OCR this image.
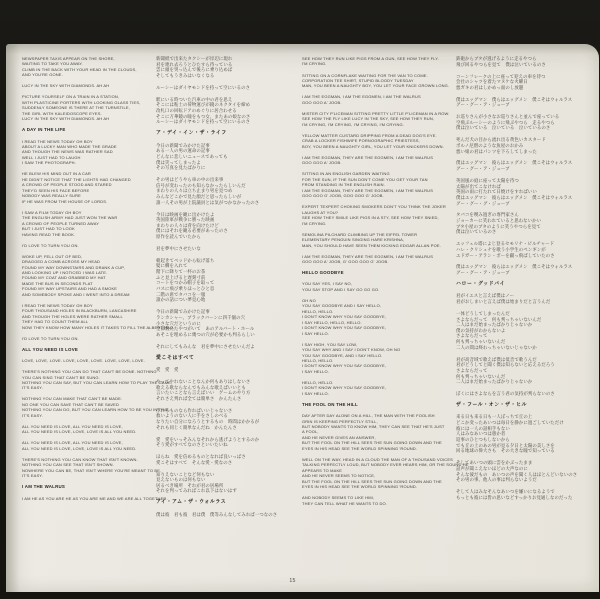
NEWSPAPER TAXIS APPEAR ON THE SHORE,
WAITING TO TAKE YOU AWAY.
CLIMB IN THE BACK WITH YOUR HEAD IN THE CLOUDS,
AND YOU'RE GONE.
LUCY IN THE SKY WITH DIAMONDS. AH AH
PICTURE YOURSELF ON A TRAIN IN A STATION,
WITH PLASTICINE PORTERS WITH LOOKING GLASS TIES,
SUDDENLY SOMEONE IS THERE AT THE TURNSTILE,
THE GIRL WITH KALEIDOSCOPE EYES.
LUCY IN THE SKY WITH DIAMONDS. AH AH
A DAY IN THE LIFE
I READ THE NEWS TODAY OH BOY
ABOUT A LUCKY MAN WHO MADE THE GRADE
AND THOUGH THE NEWS WAS RATHER SAD
WELL I JUST HAD TO LAUGH
I SAW THE PHOTOGRAPH.
HE BLEW HIS MIND OUT IN A CAR
HE DIDN'T NOTICE THAT THE LIGHTS HAD CHANGED
A CROWD OF PEOPLE STOOD AND STARED
THEY'D SEEN HIS FACE BEFORE
NOBODY WAS REALLY SURE
IF HE WAS FROM THE HOUSE OF LORDS.
I SAW A FILM TODAY OH BOY
THE ENGLISH ARMY HAD JUST WON THE WAR
A CROWD OF PEOPLE TURNED AWAY
BUT I JUST HAD TO LOOK
HAVING READ THE BOOK.
I'D LOVE TO TURN YOU ON.
WOKE UP, FELL OUT OF BED,
DRAGGED A COMB ACROSS MY HEAD
FOUND MY WAY DOWNSTAIRS AND DRANK A CUP,
AND LOOKING UP I NOTICED I WAS LATE.
FOUND MY COAT AND GRABBED MY HAT
MADE THE BUS IN SECONDS FLAT
FOUND MY WAY UPSTAIRS AND HAD A SMOKE
AND SOMEBODY SPOKE AND I WENT INTO A DREAM
I READ THE NEWS TODAY OH BOY
FOUR THOUSAND HOLES IN BLACKBURN, LANCASHIRE
AND THOUGH THE HOLES WERE RATHER SMALL
THEY HAD TO COUNT THEM ALL
NOW THEY KNOW HOW MANY HOLES IT TAKES TO FILL THE ALBERT HALL.
I'D LOVE TO TURN YOU ON.
ALL YOU NEED IS LOVE
LOVE, LOVE, LOVE. LOVE, LOVE, LOVE. LOVE, LOVE, LOVE.
THERE'S NOTHING YOU CAN DO THAT CAN'T BE DONE. NOTHING
YOU CAN SING THAT CAN'T BE SUNG.
NOTHING YOU CAN SAY, BUT YOU CAN LEARN HOW TO PLAY THE GAME,
IT'S EASY.
NOTHING YOU CAN MAKE THAT CAN'T BE MADE.
NO ONE YOU CAN SAVE THAT CAN'T BE SAVED
NOTHING YOU CAN DO, BUT YOU CAN LEARN HOW TO BE YOU IN TIME,
IT'S EASY.
ALL YOU NEED IS LOVE, ALL YOU NEED IS LOVE,
ALL YOU NEED IS LOVE, LOVE, LOVE IS ALL YOU NEED.
ALL YOU NEED IS LOVE, ALL YOU NEED IS LOVE,
ALL YOU NEED IS LOVE, LOVE, LOVE IS ALL YOU NEED.
THERE'S NOTHING YOU CAN KNOW THAT ISN'T KNOWN.
NOTHING YOU CAN SEE THAT ISN'T SHOWN.
NOWHERE YOU CAN BE, THAT ISN'T WHERE YOU'RE MEANT TO BE.
IT'S EASY.
I AM THE WALRUS
I AM HE AS YOU ARE HE AS YOU ARE ME AND WE ARE ALL TOGETHER.
新聞紙で出来たタクシーが岸辺に現れ
君を連れ去ろうとひたすら待っている
雲に頭を突っ込んで後ろに乗り込めば
そしてもうきみはいなくなる
ルーシーはダイヤモンドを持って空にいるのさ
駅にいる時ついた汽車の中の君を思え
そこには粘土の荷物運びが鏡のネクタイを締め
改札口の回転ドアのめぐりに居合わせる
そこに万華鏡の瞳をもつ女、またあの娘なのさ
ルーシーはダイヤモンドを持って空にいるのさ
ア・デイ・イン・ザ・ライフ
今日の新聞でみかけた記事
ある一人の男の運命の記事
どんなに悲しいニュースであっても
僕は笑ってしまったよ
その写真を見たばかりに
その男はどうやら車の中の出来事
信号が変わったのも知らなかったらしいんだ
まわりの人々は立ち止まり男を見つめ
みんなどこかで見た顔だと思ったらしいが
誰一人その男が上院議員とは気がつかなかったのさ
今日は映画を観に出かけたよ
英国陸軍が戦争に勝った映画
まわりの人々は背を向けたけど
僕にはそれを観る必要があったのさ
原作を読んでいたから
君を夢中にさせたいな
朝起きてベッドから転げ落ち
髪に櫛を入れて
階下に降りて一杯のお茶
ふと見上げると遅刻寸前
コートをつかみ帽子を取って
バスに飛び乗りほっとひと息
二階の席でタバコを一服
誰かの話につい夢見心地
今日の新聞でみかけた記事
ランカシャー、ブラックバーンに四千個の穴
小さな穴だというのに
全部数えたやつがいて　あのアルバート・ホール
あそこを埋めるに幾つの穴が必要かも判るらしい
それにしてもみんな　君を夢中にさせたいんだよ
愛こそはすべて
愛　愛　愛
やってやれないことなんか何もありはしないさ
歌える歌ならなんでもみんな歌えばいいとも
言いたいことなら言えばいい　ゲームのやり方
それさえ判れば全ては簡単さ　かんたんさ
作れるものなら作ればいいじゃないさ
救いようのない人に手をさしのべる
なりたい自分になろうとするもの　時間はかかるが
それも同じく簡単なんだね　かんたんさ
愛　愛をいっそみんなそれから逃げようとするのか
そう愛がすべてなのさといいたいね
ほらね　愛を信めるものとなれば良いっぱさ
愛こそはすべて　そんな愛・愛なのさ
知りえないことなど何もない
見えないものは何もない
居るべき場所　それが君の居場所
それを判ってみればこれ以下はないはず
アイ・アム・ザ・ウォルラス
僕は彼　君も彼　君は僕　僕等みんなしてみれば一つなのさ
SEE HOW THEY RUN LIKE PIGS FROM A GUN, SEE HOW THEY FLY.
I'M CRYING.
SITTING ON A CORNFLAKE WAITING FOR THE VAN TO COME.
CORPORATION TEE SHIRT, STUPID BLOODY TUESDAY
MAN, YOU BEEN A NAUGHTY BOY, YOU LET YOUR FACE GROWN LONG.
I AM THE EGGMAN, I AM THE EGGMEN, I AM THE WALRUS
GOO GOO A' JOOB.
MISTER CITY P'LICEMAN SITTING PRETTY LITTLE P'LICEMAN IN A ROW.
SEE HOW THE FLY LIKE LUCY IN THE SKY, SEE HOW THEY RUN,
I'M CRYING, I'M CRYING, I'M CRYING, I'M CRYING.
YELLOW MATTER CUSTARD DRIPPING FROM A DEAD DOG'S EYE.
CRAB A LOCKER FISHWIFE PORNOGRAPHIC PRIESTESS,
BOY, YOU BEEN A NAUGHTY GIRL, YOU LET YOUR KNICKERS DOWN.
I AM THE EGGMAN, THEY ARE THE EGGMEN, I AM THE WALRUS
GOO GOO A' JOOB.
SITTING IN AN ENGLISH GARDEN WAITING
FOR THE SUN, IF THE SUN DON'T COME YOU GET YOUR TAN
FROM STANDING IN THE ENGLISH RAIN.
I AM THE EGGMAN, THEY ARE THE EGGMEN, I AM THE WALRUS
GOO GOO G' JOOB, GOO GOO G' JOOB.
EXPERT TEXPERT CHOKING SMOKERS DON'T YOU THINK THE JOKER
LAUGHS AT YOU?
SEE HOW THEY SMILE LIKE PIGS IN A STY, SEE HOW THEY SNIED,
I'M CRYING.
SEMOLINA PILCHARD CLIMBING UP THE EIFFEL TOWER
ELEMENTARY PENGUIN SINGING HARE KRISHNA,
MAN, YOU SHOULD HAVE SEEN THEM KICKING EDGAR ALLAN POE.
I AM THE EGGMAN, THEY ARE THE EGGMEN, I AM THE WALRUS
GOO GOO A' JOOB, G' GOO GOO G' JOOB.
HELLO GOODBYE
YOU SAY YES, I SAY NO,
YOU SAY STOP AND I SAY GO GO GO.
OH NO
YOU SAY GOODBYE AND I SAY HELLO,
HELLO, HELLO.
I DON'T KNOW WHY YOU SAY GOODBYE,
I SAY HELLO, HELLO, HELLO.
I DON'T KNOW WHY YOU SAY GOODBYE,
I SAY HELLO.
I SAY HIGH, YOU SAY LOW,
YOU SAY WHY AND I SAY I DON'T KNOW, OH NO
YOU SAY GOODBYE, AND I SAY HELLO.
HELLO, HELLO.
I DON'T KNOW WHY YOU SAY GOODBYE,
I SAY HELLO.
HELLO, HELLO.
I DON'T KNOW WHY YOU SAY GOODBYE,
I SAY HELLO.
THE FOOL ON THE HILL
DAY AFTER DAY ALONE ON A HILL, THE MAN WITH THE FOOLISH
GRIN IS KEEPING PERFECTLY STILL,
BUT NOBODY WANTS TO KNOW HIM, THEY CAN SEE THAT HE'S JUST
A FOOL,
AND HE NEVER GIVES AN ANSWER,
BUT THE FOOL ON THE HILL SEES THE SUN GOING DOWN AND THE
EYES IN HIS HEAD SEE THE WORLD SPINNING 'ROUND.
WELL ON THE WAY, HEAD IN A CLOUD THE MAN OF A THOUSAND VOICES
TALKING PERFECTLY LOUD, BUT NOBODY EVER HEARS HIM, OR THE SOUND HE
APPEARS TO MAKE
AND HE NEVER SEEMS TO NOTICE,
BUT THE FOOL ON THE HILL SEES THE SUN GOING DOWN AND THE
EYES IN HIS HEAD SEE THE WORLD SPINNING 'ROUND.
AND NOBODY SEEMS TO LIKE HIM,
THEY CAN TELL WHAT HE WANTS TO DO.
鉄砲からブタが逃げるように走るやつら
飛び回るやつらを見て　僕は泣いているのさ
コーンフレークの上に座って迎えの車を待つ
会社のシャツを着たマヌケな火曜日
悪ガキの君はしかめっ面のし放題
僕はエッグマン　僕らはエッグメン　僕こそはウォルラス
グー・グー・ア・ジューブ
お巡りさんが小さなお巡りさんと並んで座っている
空飛ぶルーシーのように飛ぶやつら　走るやつら
僕は泣いている　泣いている　泣いているのさ
死んだ犬の目から流れ出る黄色いカスタード
ポルノ尼僧のような魚屋のおかみ
悪い娘の君はパンツを下ろしてしまった
僕はエッグマン　彼らはエッグメン　僕こそはウォルラス
グー・グー・ア・ジューブ
英国風の庭に座って太陽を待つ
太陽が出てこなければ
英国の雨に打たれて日焼けをすればいい
僕はエッグマン　彼らはエッグメン　僕こそはウォルラス
グー・グー・グ・ジューブ
タバコを喫み過ぎの専門家さん
ジョーカーに笑われていると思わないかい
ブタ小屋のブタのように笑うやつらを見て
僕は泣いているのさ
エッフェル塔によじ登るセモリナ・ピルチャード
ハレ・クリシュナを歌う小学生のペンギンが
エドガー・アラン・ポーを蹴っ飛ばしていたのさ
僕はエッグマン　彼らはエッグメン　僕こそはウォルラス
グー・グー・ア・ジューブ
ハロー・グッドバイ
君がイエスと言えば僕はノー
君がおしまいと言えば僕は始まりだと言うんだ
一体どうしてしまったんだ
さよならだって　何も判っちゃいないんだ
二人はまだ始まったばかりじゃないか
僕の気持がわからないよ
さよならだって
何も判っちゃいないんだ
二人の間は終わっちゃいないじゃないか
君が高音域で歌えば僕は低音で歌うんだ
君がどうしてと聞く僕は知らないと応えるだろう
さよならだって
何も判っちゃいないんだ
二人はまだ始まったばかりじゃないか
ぼくにはさよならを言う君の気持が判らないのさ
ザ・フール・オン・ザ・ヒル
来る日も来る日も一人ぼっちで丘の上
どこか変ったあいつは毎日を静かに過ごしていただけ
彼には一人の話相手もない
人はみなあいつは愚か者
返事のひとつもしないから
でも丘の上のあの男が見る夕日と太陽の美しさを
回る地球の偉大さも　その大きな瞳で知っている
そしてあいつの頭に雲をかぶったまま
話声が聞こえないほどの大声なのに
そんな彼だもの　あいつの声を聞く人はほとんどいないのさ
その男の事、他人の事は判らないようだ
そして人はみなそんなあいつを嫌いになるようで
もっとも彼には皆の思いなどすっかりお見通しなのだった
15
